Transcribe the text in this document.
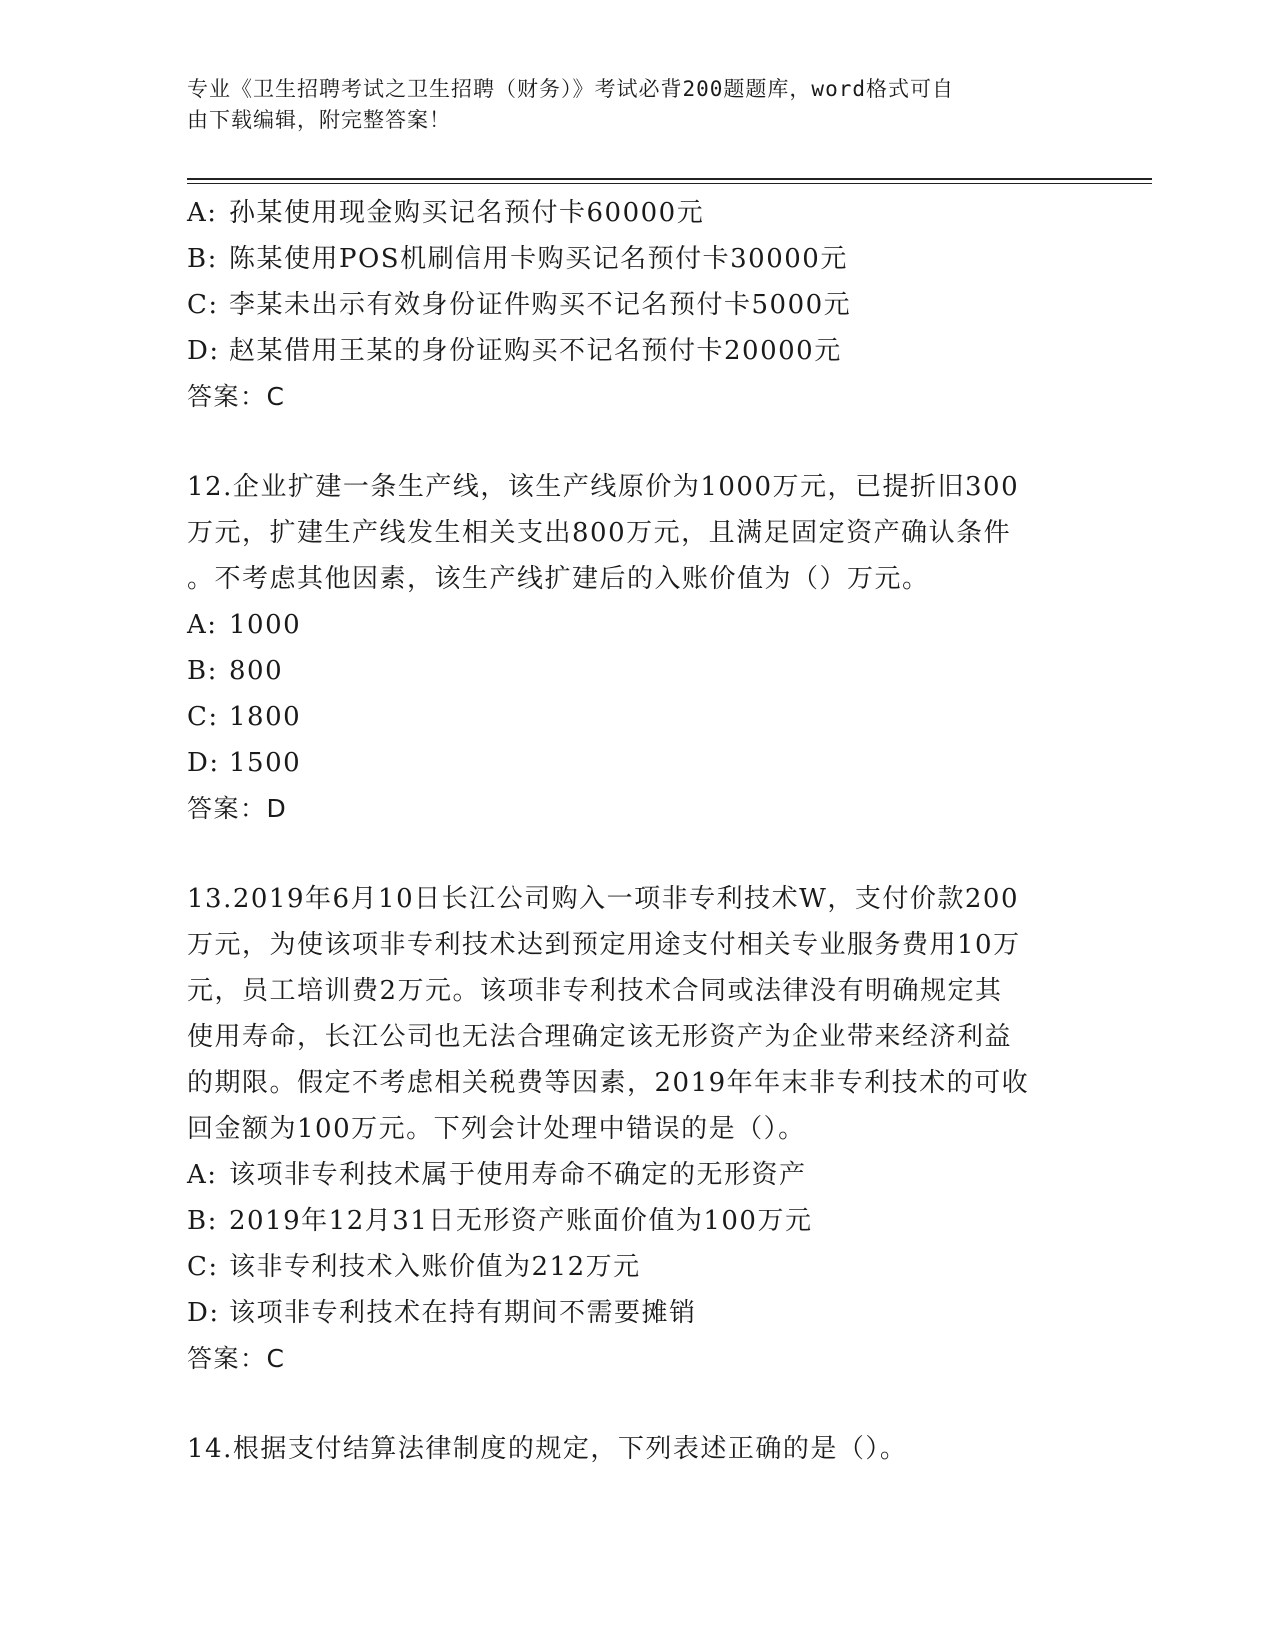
专业《卫生招聘考试之卫生招聘（财务）》考试必背200题题库，word格式可自

由下载编辑，附完整答案！

A: 孙某使用现金购买记名预付卡60000元
B: 陈某使用POS机刷信用卡购买记名预付卡30000元
C: 李某未出示有效身份证件购买不记名预付卡5000元
D: 赵某借用王某的身份证购买不记名预付卡20000元

答案：C

12.企业扩建一条生产线，该生产线原价为1000万元，已提折旧300

万元，扩建生产线发生相关支出800万元，且满足固定资产确认条件

。不考虑其他因素，该生产线扩建后的入账价值为（）万元。

A: 1000
B: 800
C: 1800
D: 1500

答案：D

13.2019年6月10日长江公司购入一项非专利技术W，支付价款200

万元，为使该项非专利技术达到预定用途支付相关专业服务费用10万

元，员工培训费2万元。该项非专利技术合同或法律没有明确规定其

使用寿命，长江公司也无法合理确定该无形资产为企业带来经济利益

的期限。假定不考虑相关税费等因素，2019年年末非专利技术的可收

回金额为100万元。下列会计处理中错误的是（）。

A: 该项非专利技术属于使用寿命不确定的无形资产
B: 2019年12月31日无形资产账面价值为100万元
C: 该非专利技术入账价值为212万元
D: 该项非专利技术在持有期间不需要摊销

答案：C

14.根据支付结算法律制度的规定，下列表述正确的是（）。
